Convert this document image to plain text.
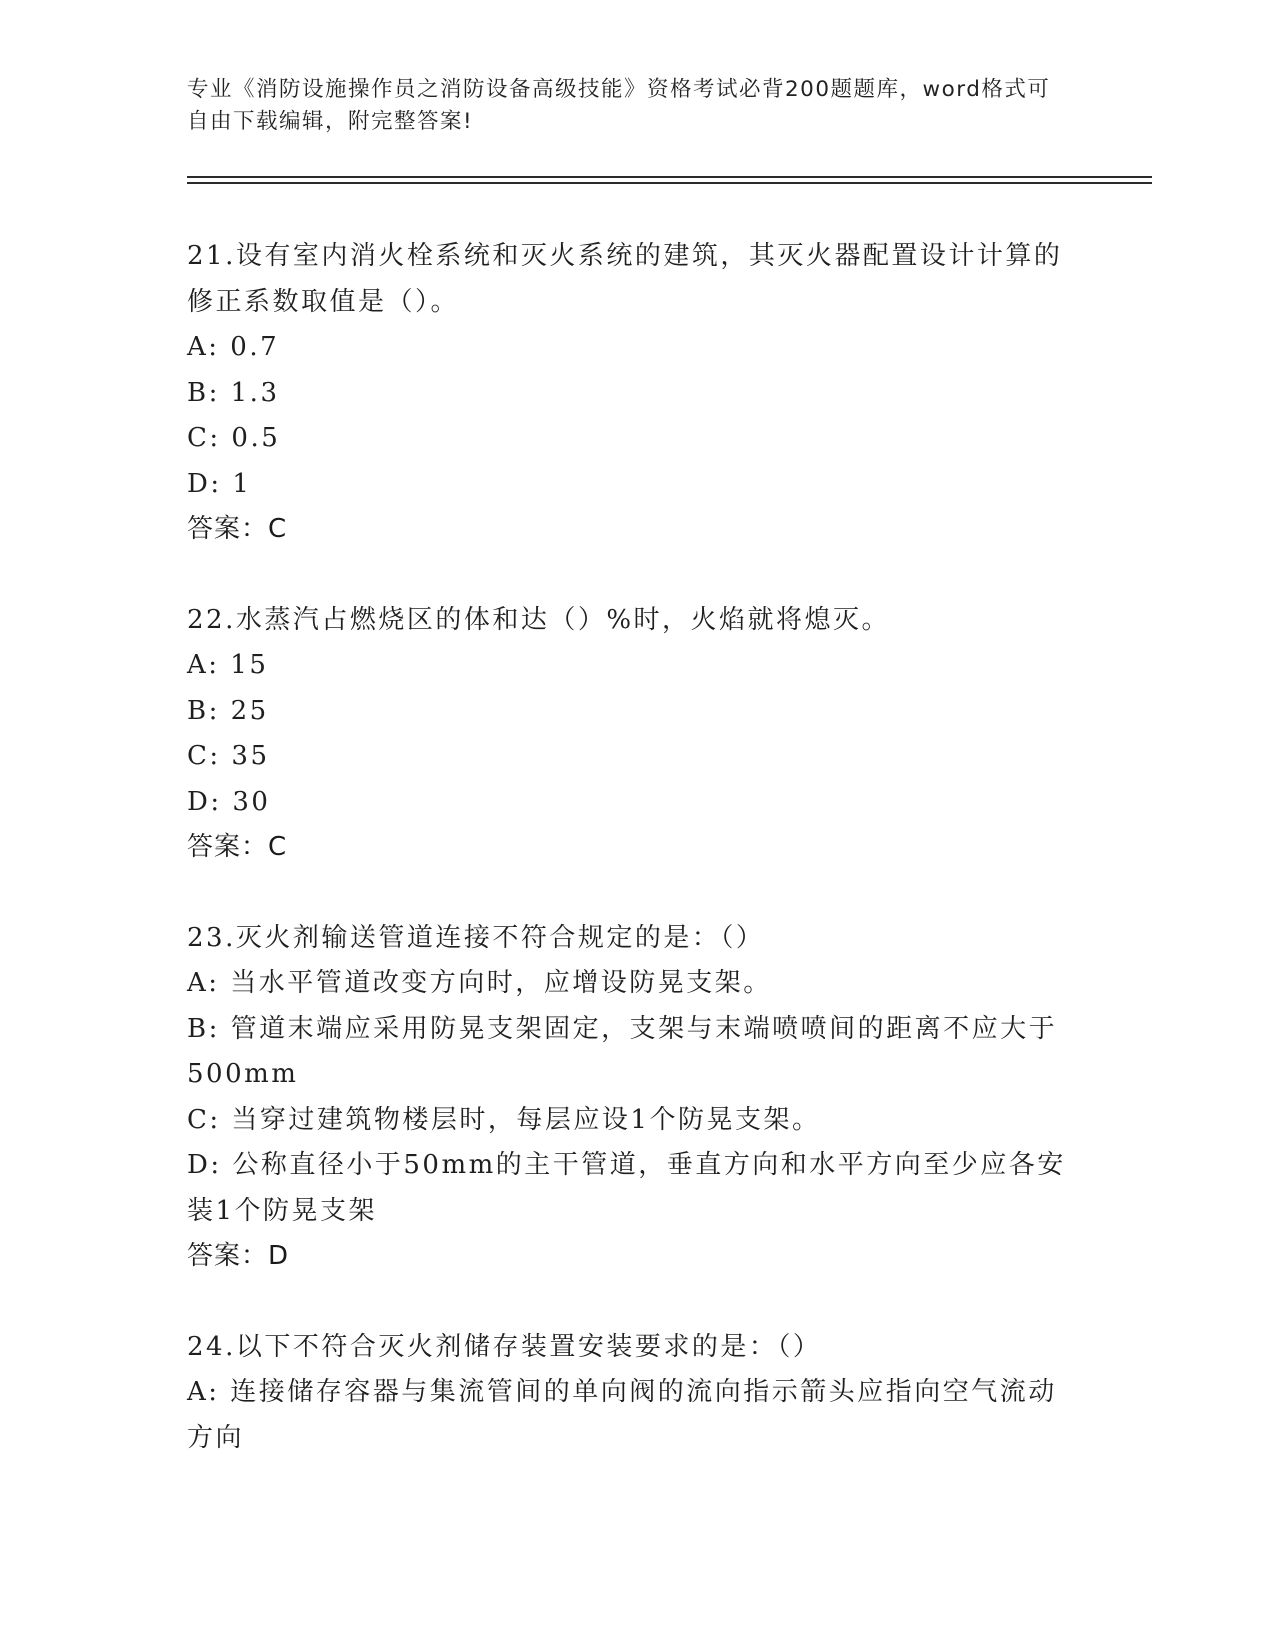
专业《消防设施操作员之消防设备高级技能》资格考试必背200题题库，word格式可自由下载编辑，附完整答案!
21.设有室内消火栓系统和灭火系统的建筑，其灭火器配置设计计算的修正系数取值是（）。
A: 0.7
B: 1.3
C: 0.5
D: 1
答案：C
22.水蒸汽占燃烧区的体和达（）%时，火焰就将熄灭。
A: 15
B: 25
C: 35
D: 30
答案：C
23.灭火剂输送管道连接不符合规定的是：（）
A: 当水平管道改变方向时，应增设防晃支架。
B: 管道末端应采用防晃支架固定，支架与末端喷喷间的距离不应大于500mm
C: 当穿过建筑物楼层时，每层应设1个防晃支架。
D: 公称直径小于50mm的主干管道，垂直方向和水平方向至少应各安装1个防晃支架
答案：D
24.以下不符合灭火剂储存装置安装要求的是：（）
A: 连接储存容器与集流管间的单向阀的流向指示箭头应指向空气流动方向
